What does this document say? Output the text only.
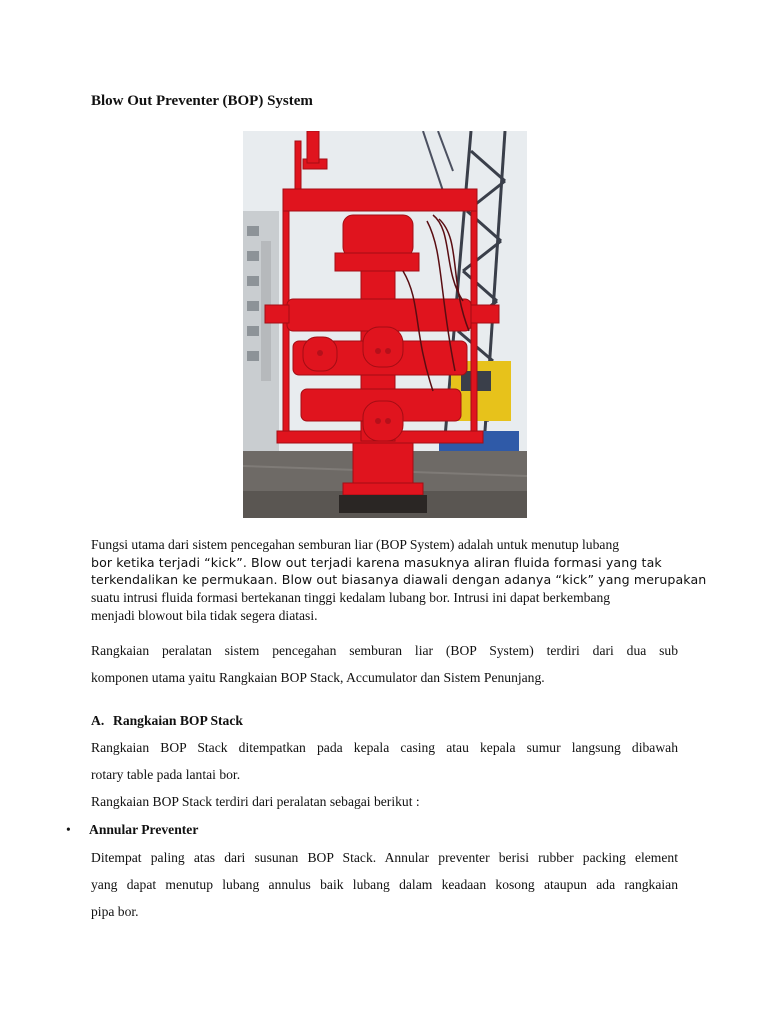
Blow Out Preventer (BOP) System
Fungsi utama dari sistem pencegahan semburan liar (BOP System) adalah untuk menutup lubang
bor ketika terjadi “kick”. Blow out terjadi karena masuknya aliran fluida formasi yang tak
terkendalikan ke permukaan. Blow out biasanya diawali dengan adanya “kick” yang merupakan
suatu intrusi fluida formasi bertekanan tinggi kedalam lubang bor. Intrusi ini dapat berkembang
menjadi blowout bila tidak segera diatasi.
Rangkaian peralatan sistem pencegahan semburan liar (BOP System) terdiri dari dua sub
komponen utama yaitu Rangkaian BOP Stack, Accumulator dan Sistem Penunjang.
A. Rangkaian BOP Stack
Rangkaian BOP Stack ditempatkan pada kepala casing atau kepala sumur langsung dibawah
rotary table pada lantai bor.
Rangkaian BOP Stack terdiri dari peralatan sebagai berikut :
• Annular Preventer
Ditempat paling atas dari susunan BOP Stack. Annular preventer berisi rubber packing element
yang dapat menutup lubang annulus baik lubang dalam keadaan kosong ataupun ada rangkaian
pipa bor.
